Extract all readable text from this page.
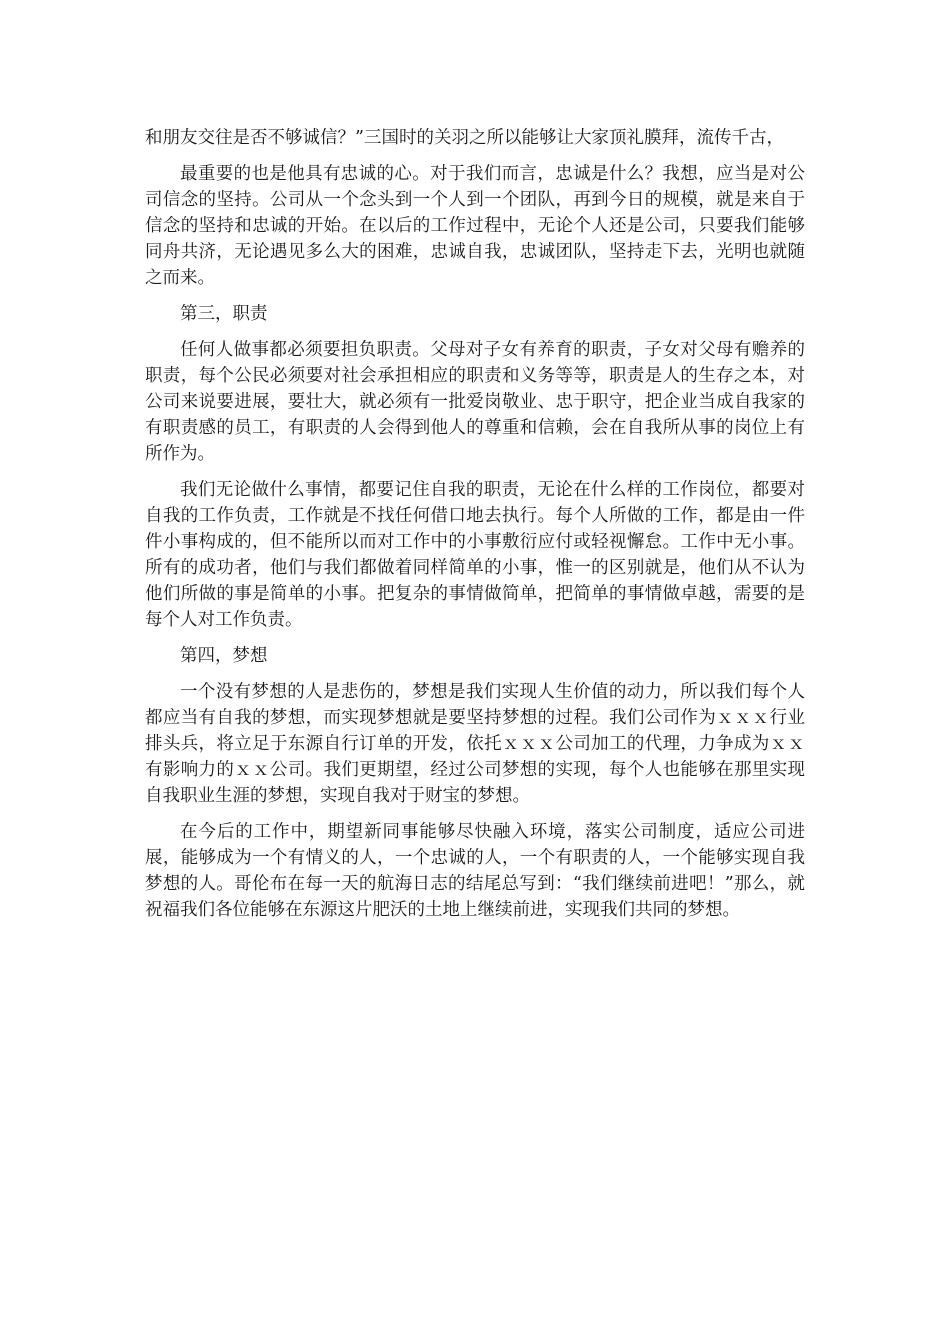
和朋友交往是否不够诚信？”三国时的关羽之所以能够让大家顶礼膜拜，流传千古，

最重要的也是他具有忠诚的心。对于我们而言，忠诚是什么？我想，应当是对公司信念的坚持。公司从一个念头到一个人到一个团队，再到今日的规模，就是来自于信念的坚持和忠诚的开始。在以后的工作过程中，无论个人还是公司，只要我们能够同舟共济，无论遇见多么大的困难，忠诚自我，忠诚团队，坚持走下去，光明也就随之而来。

第三，职责

任何人做事都必须要担负职责。父母对子女有养育的职责，子女对父母有赡养的职责，每个公民必须要对社会承担相应的职责和义务等等，职责是人的生存之本，对公司来说要进展，要壮大，就必须有一批爱岗敬业、忠于职守，把企业当成自我家的有职责感的员工，有职责的人会得到他人的尊重和信赖，会在自我所从事的岗位上有所作为。

我们无论做什么事情，都要记住自我的职责，无论在什么样的工作岗位，都要对自我的工作负责，工作就是不找任何借口地去执行。每个人所做的工作，都是由一件件小事构成的，但不能所以而对工作中的小事敷衍应付或轻视懈怠。工作中无小事。所有的成功者，他们与我们都做着同样简单的小事，惟一的区别就是，他们从不认为他们所做的事是简单的小事。把复杂的事情做简单，把简单的事情做卓越，需要的是每个人对工作负责。

第四，梦想

一个没有梦想的人是悲伤的，梦想是我们实现人生价值的动力，所以我们每个人都应当有自我的梦想，而实现梦想就是要坚持梦想的过程。我们公司作为ｘｘｘ行业排头兵，将立足于东源自行订单的开发，依托ｘｘｘ公司加工的代理，力争成为ｘｘ有影响力的ｘｘ公司。我们更期望，经过公司梦想的实现，每个人也能够在那里实现自我职业生涯的梦想，实现自我对于财宝的梦想。

在今后的工作中，期望新同事能够尽快融入环境，落实公司制度，适应公司进展，能够成为一个有情义的人，一个忠诚的人，一个有职责的人，一个能够实现自我梦想的人。哥伦布在每一天的航海日志的结尾总写到：“我们继续前进吧！”那么，就祝福我们各位能够在东源这片肥沃的土地上继续前进，实现我们共同的梦想。
